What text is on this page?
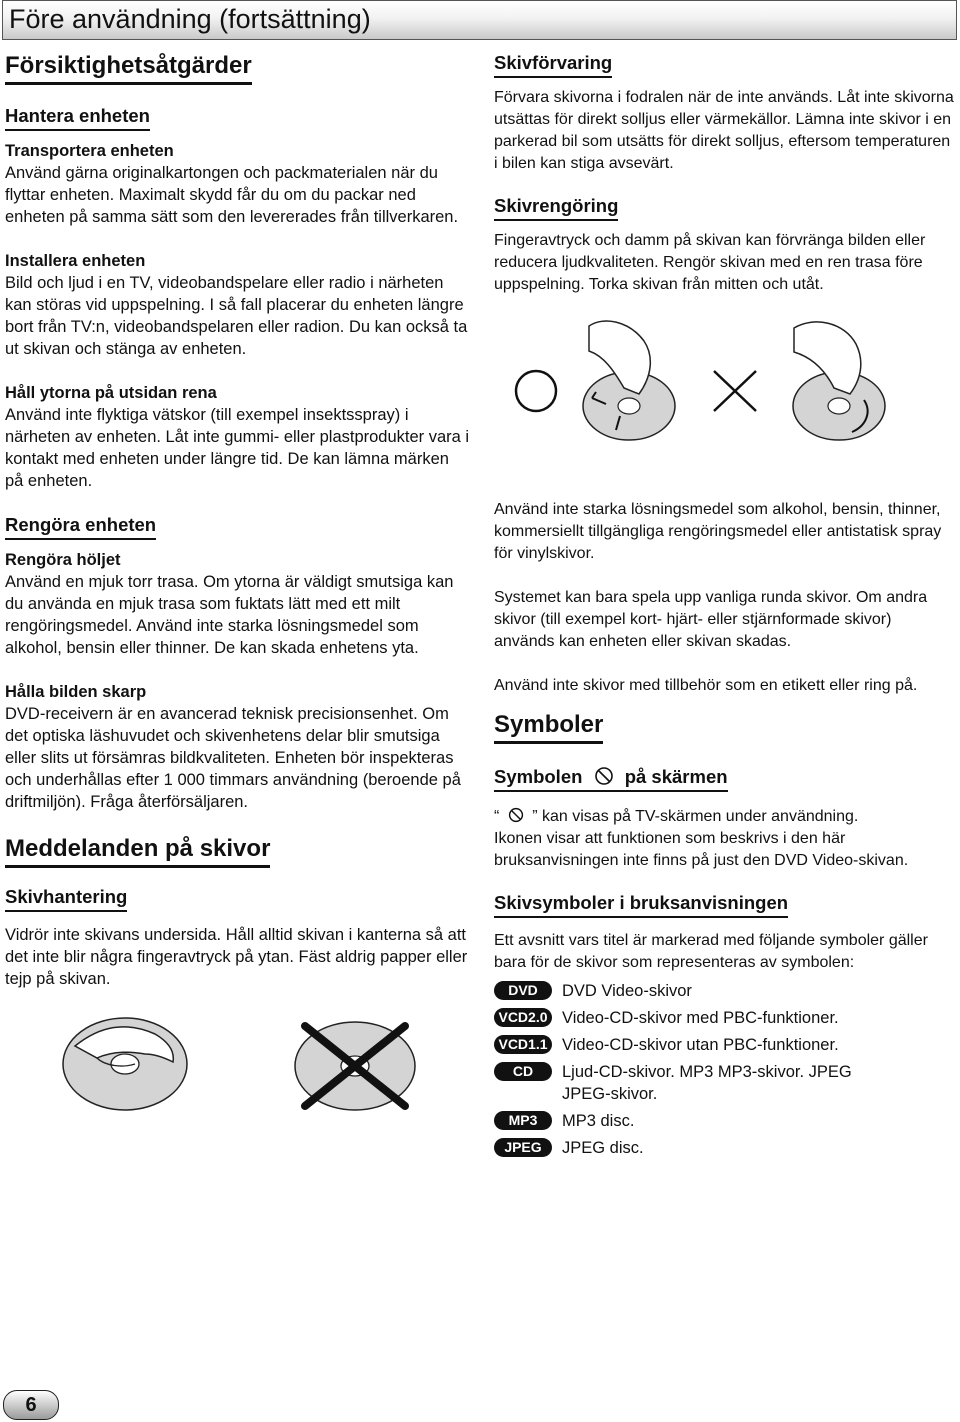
Före användning (fortsättning)
Försiktighetsåtgärder
Hantera enheten
Transportera enheten

Använd gärna originalkartongen och packmaterialen när du flyttar enheten. Maximalt skydd får du om du packar ned enheten på samma sätt som den levererades från tillverkaren.

Installera enheten

Bild och ljud i en TV, videobandspelare eller radio i närheten kan störas vid uppspelning. I så fall placerar du enheten längre bort från TV:n, videobandspelaren eller radion. Du kan också ta ut skivan och stänga av enheten.

Håll ytorna på utsidan rena

Använd inte flyktiga vätskor (till exempel insektsspray) i närheten av enheten. Låt inte gummi- eller plastprodukter vara i kontakt med enheten under längre tid. De kan lämna märken på enheten.

Rengöra enheten
Rengöra höljet

Använd en mjuk torr trasa. Om ytorna är väldigt smutsiga kan du använda en mjuk trasa som fuktats lätt med ett milt rengöringsmedel. Använd inte starka lösningsmedel som alkohol, bensin eller thinner. De kan skada enhetens yta.

Hålla bilden skarp

DVD-receivern är en avancerad teknisk precisionsenhet. Om det optiska läshuvudet och skivenhetens delar blir smutsiga eller slits ut försämras bildkvaliteten. Enheten bör inspekteras och underhållas efter 1 000 timmars användning (beroende på driftmiljön). Fråga återförsäljaren.

Meddelanden på skivor
Skivhantering

Vidrör inte skivans undersida. Håll alltid skivan i kanterna så att det inte blir några fingeravtryck på ytan. Fäst aldrig papper eller tejp på skivan.

Skivförvaring

Förvara skivorna i fodralen när de inte används. Låt inte skivorna utsättas för direkt solljus eller värmekällor. Lämna inte skivor i en parkerad bil som utsätts för direkt solljus, eftersom temperaturen i bilen kan stiga avsevärt.

Skivrengöring

Fingeravtryck och damm på skivan kan förvränga bilden eller reducera ljudkvaliteten. Rengör skivan med en ren trasa före uppspelning. Torka skivan från mitten och utåt.

Använd inte starka lösningsmedel som alkohol, bensin, thinner, kommersiellt tillgängliga rengöringsmedel eller antistatisk spray för vinylskivor.

Systemet kan bara spela upp vanliga runda skivor. Om andra skivor (till exempel kort- hjärt- eller stjärnformade skivor) används kan enheten eller skivan skadas.

Använd inte skivor med tillbehör som en etikett eller ring på.

Symboler
Symbolen på skärmen

“ ” kan visas på TV-skärmen under användning.

Ikonen visar att funktionen som beskrivs i den här bruksanvisningen inte finns på just den DVD Video-skivan.

Skivsymboler i bruksanvisningen

Ett avsnitt vars titel är markerad med följande symboler gäller bara för de skivor som representeras av symbolen:

DVD	DVD Video-skivor
VCD2.0 Video-CD-skivor med PBC-funktioner.
VCD1.1 Video-CD-skivor utan PBC-funktioner.
CD	Ljud-CD-skivor. MP3 MP3-skivor. JPEG JPEG-skivor.
MP3	MP3 disc.
JPEG	JPEG disc.
6
